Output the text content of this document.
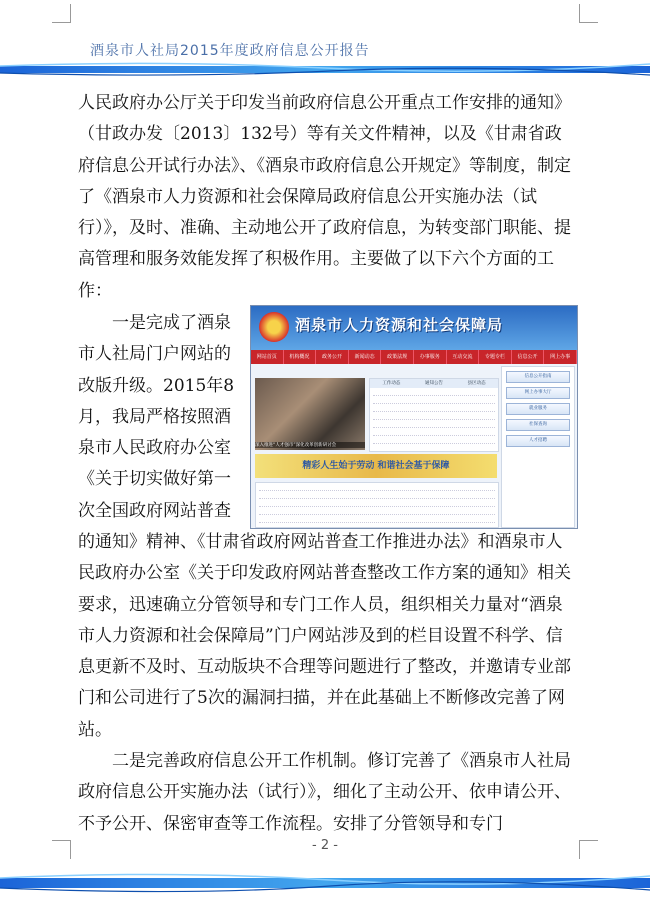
酒泉市人社局2015年度政府信息公开报告

人民政府办公厅关于印发当前政府信息公开重点工作安排的通知》（甘政办发〔2013〕132号）等有关文件精神，以及《甘肃省政府信息公开试行办法》、《酒泉市政府信息公开规定》等制度，制定了《酒泉市人力资源和社会保障局政府信息公开实施办法（试行）》，及时、准确、主动地公开了政府信息，为转变部门职能、提高管理和服务效能发挥了积极作用。主要做了以下六个方面的工作：

一是完成了酒泉市人社局门户网站的改版升级。2015年8月，我局严格按照酒泉市人民政府办公室《关于切实做好第一次全国政府网站普查

酒泉市人力资源和社会保障局
网站首页	机构概况	政务公开	新闻动态	政策法规	办事服务	互动交流	专题专栏	信息公开	网上办事
深入推进“人才强市”深化改革创新研讨会
工作动态	通知公告	县区动态
信息公开指南
网上办事大厅
就业服务
社保查询
人才招聘
精彩人生始于劳动 和谐社会基于保障

的通知》精神、《甘肃省政府网站普查工作推进办法》和酒泉市人民政府办公室《关于印发政府网站普查整改工作方案的通知》相关要求，迅速确立分管领导和专门工作人员，组织相关力量对“酒泉市人力资源和社会保障局”门户网站涉及到的栏目设置不科学、信息更新不及时、互动版块不合理等问题进行了整改，并邀请专业部门和公司进行了5次的漏洞扫描，并在此基础上不断修改完善了网站。

二是完善政府信息公开工作机制。修订完善了《酒泉市人社局政府信息公开实施办法（试行）》，细化了主动公开、依申请公开、不予公开、保密审查等工作流程。安排了分管领导和专门

- 2 -
